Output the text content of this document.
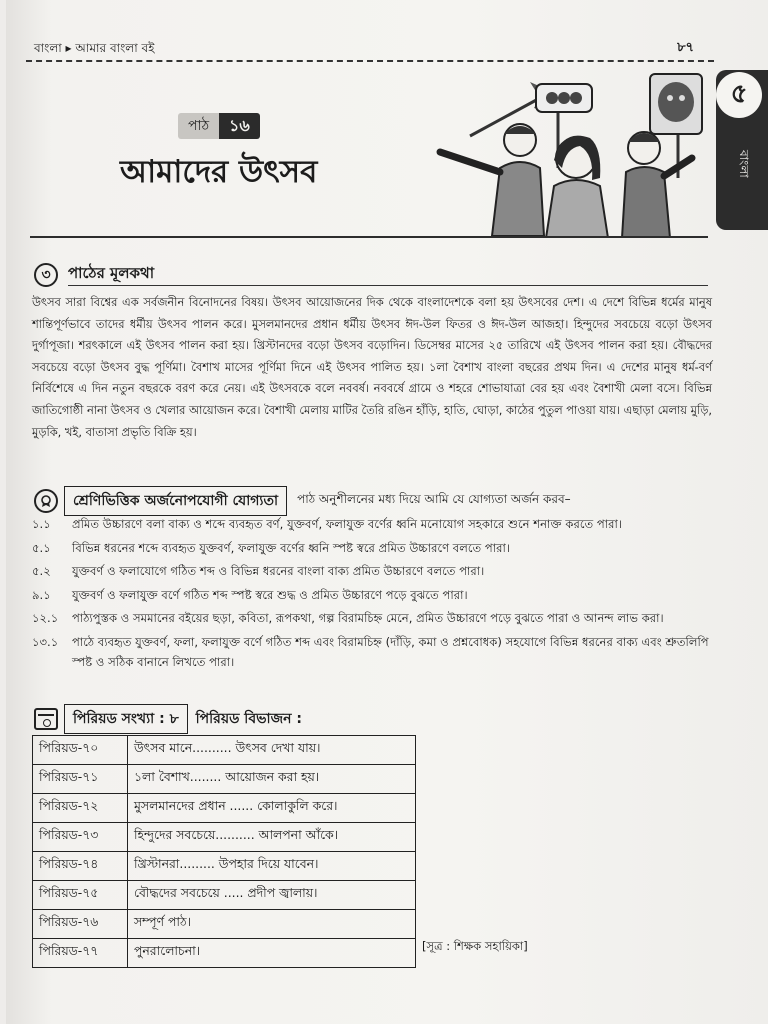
বাংলা ▸ আমার বাংলা বই	৮৭
৫
বাংলা
পাঠ	১৬
আমাদের উৎসব
৩	পাঠের মূলকথা
উৎসব সারা বিশ্বের এক সর্বজনীন বিনোদনের বিষয়। উৎসব আয়োজনের দিক থেকে বাংলাদেশকে বলা হয় উৎসবের দেশ। এ দেশে বিভিন্ন ধর্মের মানুষ শান্তিপূর্ণভাবে তাদের ধর্মীয় উৎসব পালন করে। মুসলমানদের প্রধান ধর্মীয় উৎসব ঈদ-উল ফিতর ও ঈদ-উল আজহা। হিন্দুদের সবচেয়ে বড়ো উৎসব দুর্গাপূজা। শরৎকালে এই উৎসব পালন করা হয়। খ্রিস্টানদের বড়ো উৎসব বড়োদিন। ডিসেম্বর মাসের ২৫ তারিখে এই উৎসব পালন করা হয়। বৌদ্ধদের সবচেয়ে বড়ো উৎসব বুদ্ধ পূর্ণিমা। বৈশাখ মাসের পূর্ণিমা দিনে এই উৎসব পালিত হয়। ১লা বৈশাখ বাংলা বছরের প্রথম দিন। এ দেশের মানুষ ধর্ম-বর্ণ নির্বিশেষে এ দিন নতুন বছরকে বরণ করে নেয়। এই উৎসবকে বলে নববর্ষ। নববর্ষে গ্রামে ও শহরে শোভাযাত্রা বের হয় এবং বৈশাখী মেলা বসে। বিভিন্ন জাতিগোষ্ঠী নানা উৎসব ও খেলার আয়োজন করে। বৈশাখী মেলায় মাটির তৈরি রঙিন হাঁড়ি, হাতি, ঘোড়া, কাঠের পুতুল পাওয়া যায়। এছাড়া মেলায় মুড়ি, মুড়কি, খই, বাতাসা প্রভৃতি বিক্রি হয়।
শ্রেণিভিত্তিক অর্জনোপযোগী যোগ্যতা	পাঠ অনুশীলনের মধ্য দিয়ে আমি যে যোগ্যতা অর্জন করব–
১.১	প্রমিত উচ্চারণে বলা বাক্য ও শব্দে ব্যবহৃত বর্ণ, যুক্তবর্ণ, ফলাযুক্ত বর্ণের ধ্বনি মনোযোগ সহকারে শুনে শনাক্ত করতে পারা।
৫.১	বিভিন্ন ধরনের শব্দে ব্যবহৃত যুক্তবর্ণ, ফলাযুক্ত বর্ণের ধ্বনি স্পষ্ট স্বরে প্রমিত উচ্চারণে বলতে পারা।
৫.২	যুক্তবর্ণ ও ফলাযোগে গঠিত শব্দ ও বিভিন্ন ধরনের বাংলা বাক্য প্রমিত উচ্চারণে বলতে পারা।
৯.১	যুক্তবর্ণ ও ফলাযুক্ত বর্ণে গঠিত শব্দ স্পষ্ট স্বরে শুদ্ধ ও প্রমিত উচ্চারণে পড়ে বুঝতে পারা।
১২.১	পাঠ্যপুস্তক ও সমমানের বইয়ের ছড়া, কবিতা, রূপকথা, গল্প বিরামচিহ্ন মেনে, প্রমিত উচ্চারণে পড়ে বুঝতে পারা ও আনন্দ লাভ করা।
১৩.১	পাঠে ব্যবহৃত যুক্তবর্ণ, ফলা, ফলাযুক্ত বর্ণে গঠিত শব্দ এবং বিরামচিহ্ন (দাঁড়ি, কমা ও প্রশ্নবোধক) সহযোগে বিভিন্ন ধরনের বাক্য এবং শ্রুতলিপি স্পষ্ট ও সঠিক বানানে লিখতে পারা।
পিরিয়ড সংখ্যা : ৮	পিরিয়ড বিভাজন :
পিরিয়ড-৭০	উৎসব মানে.......... উৎসব দেখা যায়।
পিরিয়ড-৭১	১লা বৈশাখ........ আয়োজন করা হয়।
পিরিয়ড-৭২	মুসলমানদের প্রধান ...... কোলাকুলি করে।
পিরিয়ড-৭৩	হিন্দুদের সবচেয়ে.......... আলপনা আঁকে।
পিরিয়ড-৭৪	খ্রিস্টানরা......... উপহার দিয়ে যাবেন।
পিরিয়ড-৭৫	বৌদ্ধদের সবচেয়ে ..... প্রদীপ জ্বালায়।
পিরিয়ড-৭৬	সম্পূর্ণ পাঠ।
পিরিয়ড-৭৭	পুনরালোচনা।	[সূত্র : শিক্ষক সহায়িকা]
